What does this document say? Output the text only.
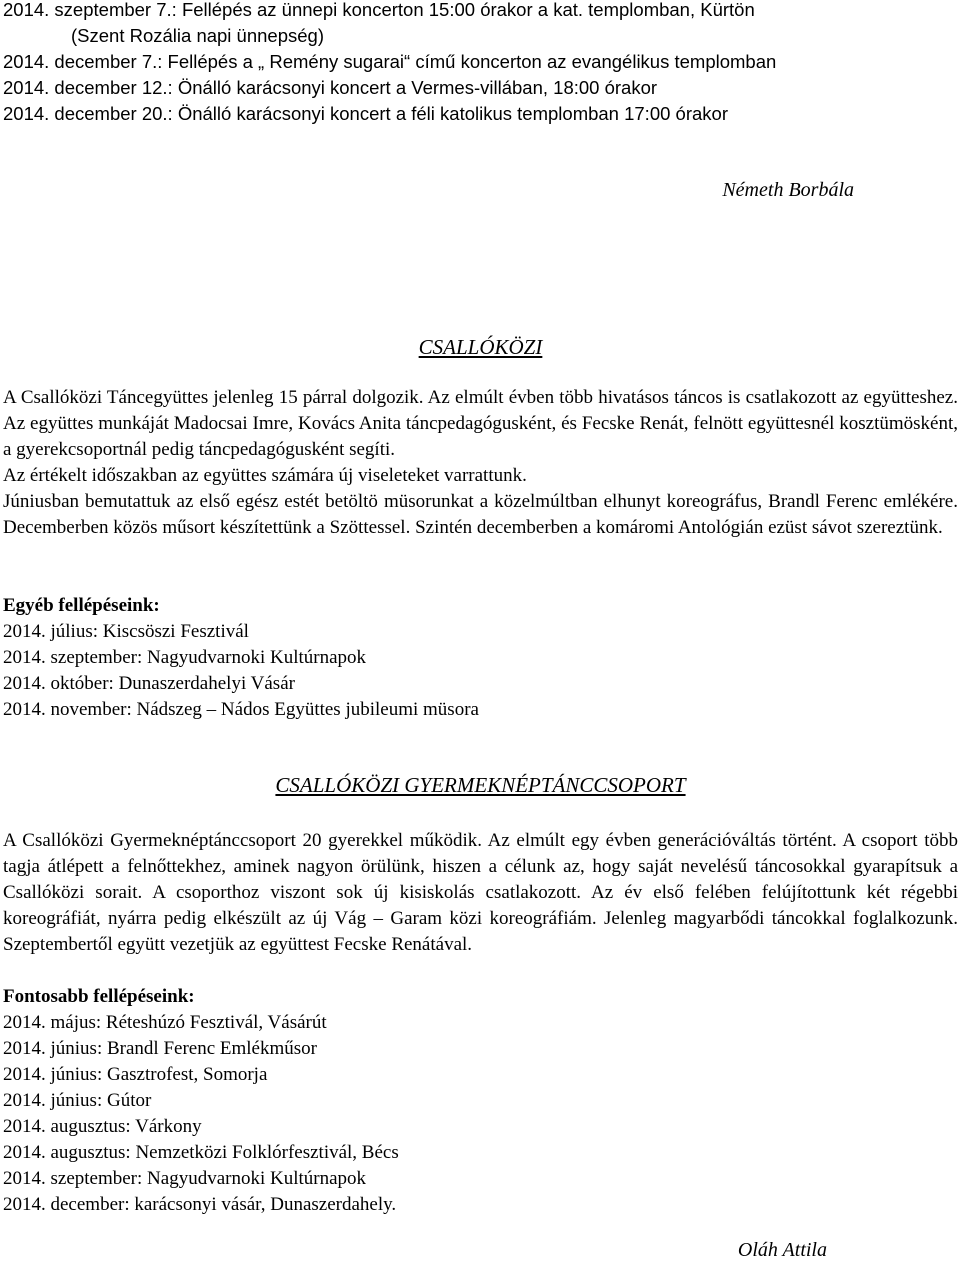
2014. szeptember 7.: Fellépés az ünnepi koncerton 15:00 órakor a kat. templomban, Kürtön
(Szent Rozália napi ünnepség)
2014. december 7.: Fellépés a „ Remény sugarai“ című koncerton az evangélikus templomban
2014. december 12.: Önálló karácsonyi koncert a Vermes-villában, 18:00 órakor
2014. december 20.: Önálló karácsonyi koncert a féli katolikus templomban 17:00 órakor
Németh Borbála
CSALLÓKÖZI

A Csallóközi Táncegyüttes jelenleg 15 párral dolgozik. Az elmúlt évben több hivatásos táncos is csatlakozott az együtteshez. Az együttes munkáját Madocsai Imre, Kovács Anita táncpedagógusként, és Fecske Renát, felnött együttesnél kosztümösként, a gyerekcsoportnál pedig táncpedagógusként segíti.

Az értékelt időszakban az együttes számára új viseleteket varrattunk.

Júniusban bemutattuk az első egész estét betöltö müsorunkat a közelmúltban elhunyt koreográfus, Brandl Ferenc emlékére. Decemberben közös műsort készítettünk a Szöttessel. Szintén decemberben a komáromi Antológián ezüst sávot szereztünk.

Egyéb fellépéseink:
2014. július: Kiscsöszi Fesztivál
2014. szeptember: Nagyudvarnoki Kultúrnapok
2014. október: Dunaszerdahelyi Vásár
2014. november: Nádszeg – Nádos Együttes jubileumi müsora
CSALLÓKÖZI GYERMEKNÉPTÁNCCSOPORT

A Csallóközi Gyermeknéptánccsoport 20 gyerekkel működik. Az elmúlt egy évben generációváltás történt. A csoport több tagja átlépett a felnőttekhez, aminek nagyon örülünk, hiszen a célunk az, hogy saját nevelésű táncosokkal gyarapítsuk a Csallóközi sorait. A csoporthoz viszont sok új kisiskolás csatlakozott. Az év első felében felújítottunk két régebbi koreográfiát, nyárra pedig elkészült az új Vág – Garam közi koreográfiám. Jelenleg magyarbődi táncokkal foglalkozunk. Szeptembertől együtt vezetjük az együttest Fecske Renátával.

Fontosabb fellépéseink:
2014. május: Réteshúzó Fesztivál, Vásárút
2014. június: Brandl Ferenc Emlékműsor
2014. június: Gasztrofest, Somorja
2014. június: Gútor
2014. augusztus: Várkony
2014. augusztus: Nemzetközi Folklórfesztivál, Bécs
2014. szeptember: Nagyudvarnoki Kultúrnapok
2014. december: karácsonyi vásár, Dunaszerdahely.
Oláh Attila
